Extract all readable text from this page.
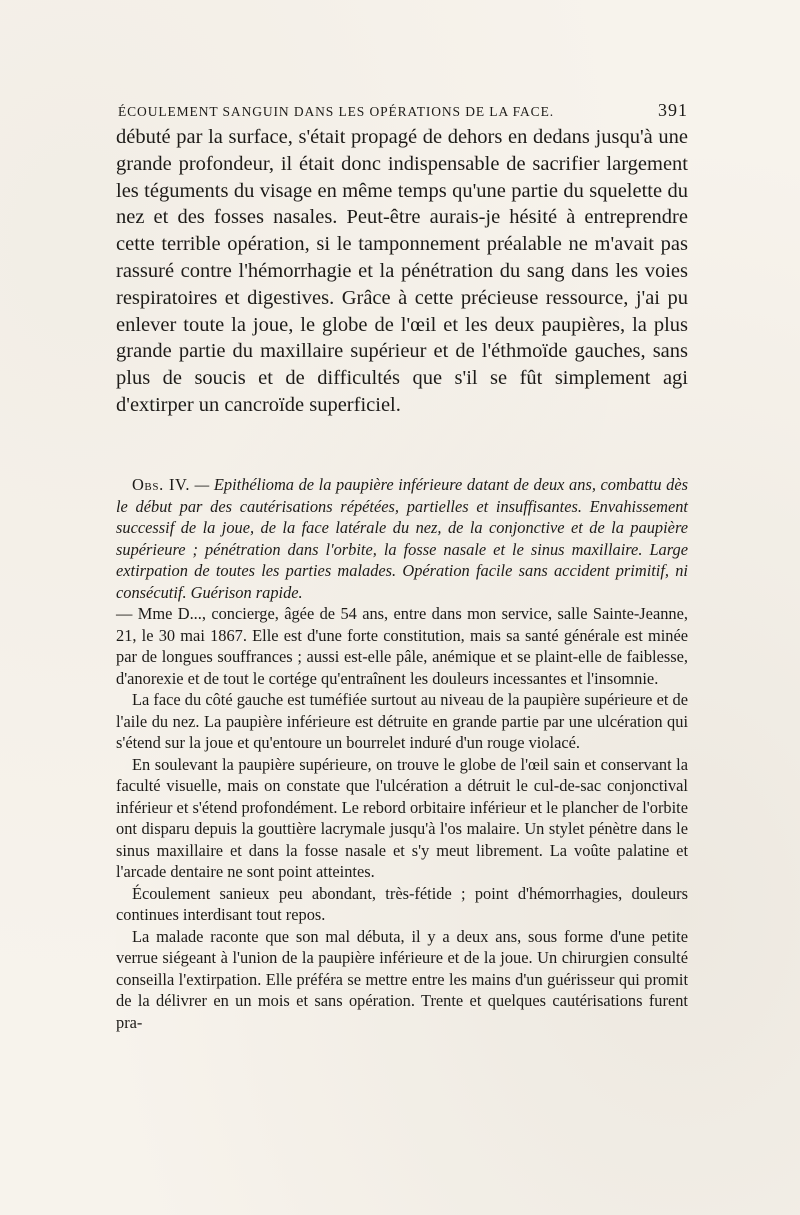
ÉCOULEMENT SANGUIN DANS LES OPÉRATIONS DE LA FACE.	391

débuté par la surface, s'était propagé de dehors en dedans jusqu'à une grande profondeur, il était donc indispensable de sacrifier largement les téguments du visage en même temps qu'une partie du squelette du nez et des fosses nasales. Peut-être aurais-je hésité à entreprendre cette terrible opération, si le tamponnement préalable ne m'avait pas rassuré contre l'hémorrhagie et la pénétration du sang dans les voies respiratoires et digestives. Grâce à cette précieuse ressource, j'ai pu enlever toute la joue, le globe de l'œil et les deux paupières, la plus grande partie du maxillaire supérieur et de l'éthmoïde gauches, sans plus de soucis et de difficultés que s'il se fût simplement agi d'extirper un cancroïde superficiel.

Obs. IV. — Epithélioma de la paupière inférieure datant de deux ans, combattu dès le début par des cautérisations répétées, partielles et insuffisantes. Envahissement successif de la joue, de la face latérale du nez, de la conjonctive et de la paupière supérieure ; pénétration dans l'orbite, la fosse nasale et le sinus maxillaire. Large extirpation de toutes les parties malades. Opération facile sans accident primitif, ni consécutif. Guérison rapide.

— Mme D..., concierge, âgée de 54 ans, entre dans mon service, salle Sainte-Jeanne, 21, le 30 mai 1867. Elle est d'une forte constitution, mais sa santé générale est minée par de longues souffrances ; aussi est-elle pâle, anémique et se plaint-elle de faiblesse, d'anorexie et de tout le cortége qu'entraînent les douleurs incessantes et l'insomnie.

La face du côté gauche est tuméfiée surtout au niveau de la paupière supérieure et de l'aile du nez. La paupière inférieure est détruite en grande partie par une ulcération qui s'étend sur la joue et qu'entoure un bourrelet induré d'un rouge violacé.

En soulevant la paupière supérieure, on trouve le globe de l'œil sain et conservant la faculté visuelle, mais on constate que l'ulcération a détruit le cul-de-sac conjonctival inférieur et s'étend profondément. Le rebord orbitaire inférieur et le plancher de l'orbite ont disparu depuis la gouttière lacrymale jusqu'à l'os malaire. Un stylet pénètre dans le sinus maxillaire et dans la fosse nasale et s'y meut librement. La voûte palatine et l'arcade dentaire ne sont point atteintes.

Écoulement sanieux peu abondant, très-fétide ; point d'hémorrhagies, douleurs continues interdisant tout repos.

La malade raconte que son mal débuta, il y a deux ans, sous forme d'une petite verrue siégeant à l'union de la paupière inférieure et de la joue. Un chirurgien consulté conseilla l'extirpation. Elle préféra se mettre entre les mains d'un guérisseur qui promit de la délivrer en un mois et sans opération. Trente et quelques cautérisations furent pra-
